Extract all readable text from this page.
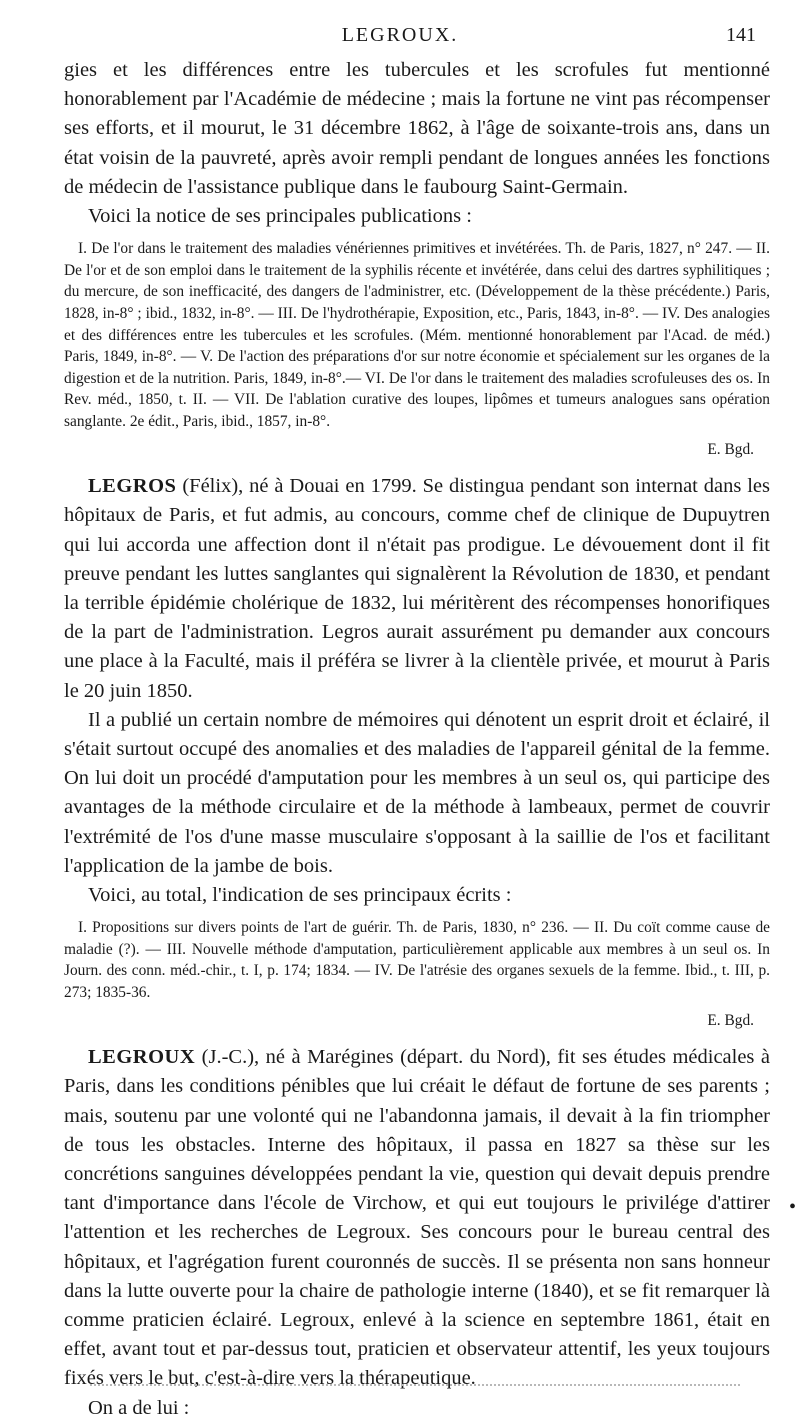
LEGROUX.	141

gies et les différences entre les tubercules et les scrofules fut mentionné honorablement par l'Académie de médecine ; mais la fortune ne vint pas récompenser ses efforts, et il mourut, le 31 décembre 1862, à l'âge de soixante-trois ans, dans un état voisin de la pauvreté, après avoir rempli pendant de longues années les fonctions de médecin de l'assistance publique dans le faubourg Saint-Germain.

Voici la notice de ses principales publications :

I. De l'or dans le traitement des maladies vénériennes primitives et invétérées. Th. de Paris, 1827, n° 247. — II. De l'or et de son emploi dans le traitement de la syphilis récente et invétérée, dans celui des dartres syphilitiques ; du mercure, de son inefficacité, des dangers de l'administrer, etc. (Développement de la thèse précédente.) Paris, 1828, in-8° ; ibid., 1832, in-8°. — III. De l'hydrothérapie, Exposition, etc., Paris, 1843, in-8°. — IV. Des analogies et des différences entre les tubercules et les scrofules. (Mém. mentionné honorablement par l'Acad. de méd.) Paris, 1849, in-8°. — V. De l'action des préparations d'or sur notre économie et spécialement sur les organes de la digestion et de la nutrition. Paris, 1849, in-8°.— VI. De l'or dans le traitement des maladies scrofuleuses des os. In Rev. méd., 1850, t. II. — VII. De l'ablation curative des loupes, lipômes et tumeurs analogues sans opération sanglante. 2e édit., Paris, ibid., 1857, in-8°.

E. Bgd.

LEGROS (Félix), né à Douai en 1799. Se distingua pendant son internat dans les hôpitaux de Paris, et fut admis, au concours, comme chef de clinique de Dupuytren qui lui accorda une affection dont il n'était pas prodigue. Le dévouement dont il fit preuve pendant les luttes sanglantes qui signalèrent la Révolution de 1830, et pendant la terrible épidémie cholérique de 1832, lui méritèrent des récompenses honorifiques de la part de l'administration. Legros aurait assurément pu demander aux concours une place à la Faculté, mais il préféra se livrer à la clientèle privée, et mourut à Paris le 20 juin 1850.

Il a publié un certain nombre de mémoires qui dénotent un esprit droit et éclairé, il s'était surtout occupé des anomalies et des maladies de l'appareil génital de la femme. On lui doit un procédé d'amputation pour les membres à un seul os, qui participe des avantages de la méthode circulaire et de la méthode à lambeaux, permet de couvrir l'extrémité de l'os d'une masse musculaire s'opposant à la saillie de l'os et facilitant l'application de la jambe de bois.

Voici, au total, l'indication de ses principaux écrits :

I. Propositions sur divers points de l'art de guérir. Th. de Paris, 1830, n° 236. — II. Du coït comme cause de maladie (?). — III. Nouvelle méthode d'amputation, particulièrement applicable aux membres à un seul os. In Journ. des conn. méd.-chir., t. I, p. 174; 1834. — IV. De l'atrésie des organes sexuels de la femme. Ibid., t. III, p. 273; 1835-36.

E. Bgd.

LEGROUX (J.-C.), né à Marégines (départ. du Nord), fit ses études médicales à Paris, dans les conditions pénibles que lui créait le défaut de fortune de ses parents ; mais, soutenu par une volonté qui ne l'abandonna jamais, il devait à la fin triompher de tous les obstacles. Interne des hôpitaux, il passa en 1827 sa thèse sur les concrétions sanguines développées pendant la vie, question qui devait depuis prendre tant d'importance dans l'école de Virchow, et qui eut toujours le privilége d'attirer l'attention et les recherches de Legroux. Ses concours pour le bureau central des hôpitaux, et l'agrégation furent couronnés de succès. Il se présenta non sans honneur dans la lutte ouverte pour la chaire de pathologie interne (1840), et se fit remarquer là comme praticien éclairé. Legroux, enlevé à la science en septembre 1861, était en effet, avant tout et par-dessus tout, praticien et observateur attentif, les yeux toujours fixés vers le but, c'est-à-dire vers la thérapeutique.

On a de lui :

•
